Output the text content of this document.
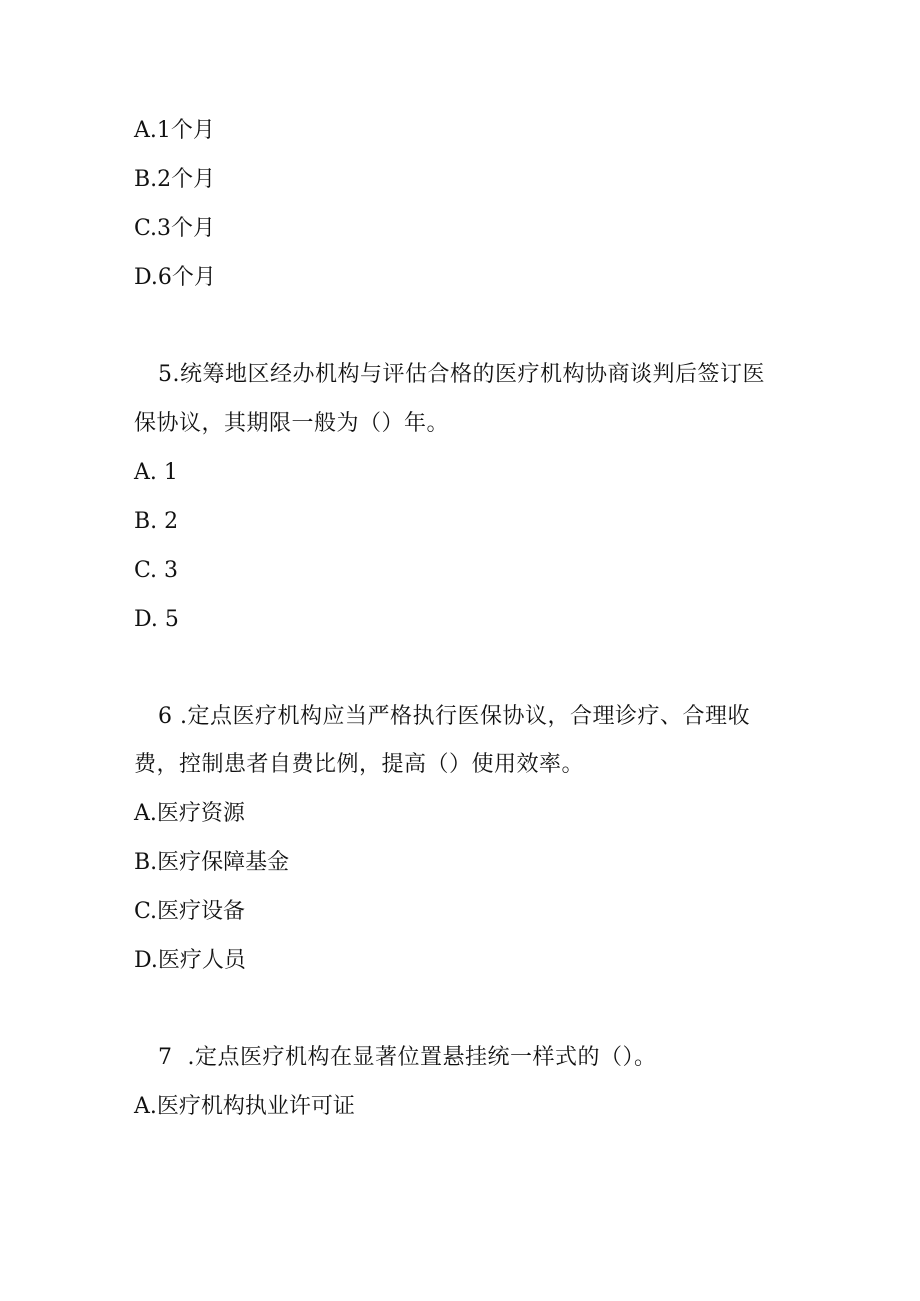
A.1个月
B.2个月
C.3个月
D.6个月
5.统筹地区经办机构与评估合格的医疗机构协商谈判后签订医
保协议，其期限一般为（）年。
A. 1
B. 2
C. 3
D. 5
6 .定点医疗机构应当严格执行医保协议，合理诊疗、合理收
费，控制患者自费比例，提高（）使用效率。
A.医疗资源
B.医疗保障基金
C.医疗设备
D.医疗人员
7  .定点医疗机构在显著位置悬挂统一样式的（）。
A.医疗机构执业许可证
